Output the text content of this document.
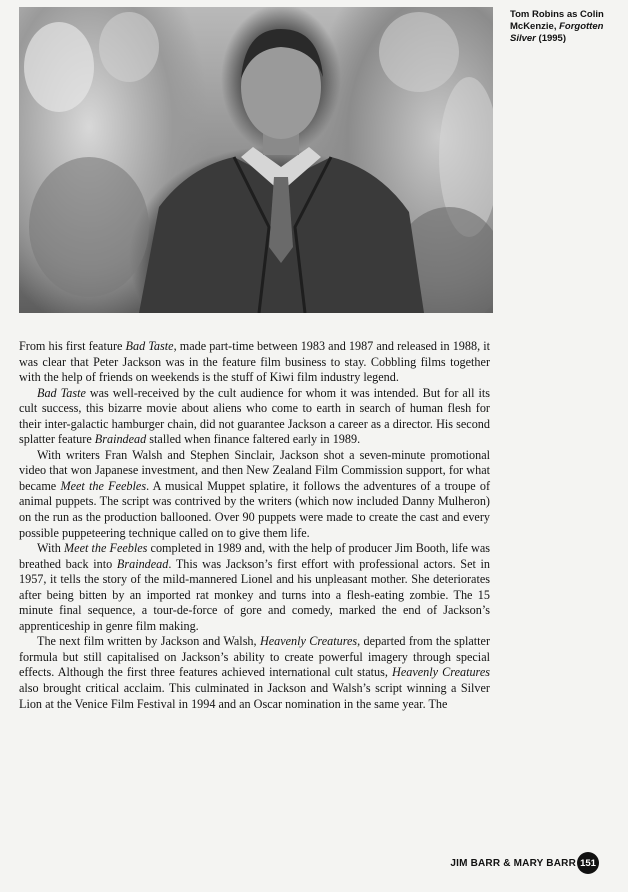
Tom Robins as Colin McKenzie, Forgotten Silver (1995)

From his first feature Bad Taste, made part-time between 1983 and 1987 and released in 1988, it was clear that Peter Jackson was in the feature film business to stay. Cobbling films together with the help of friends on weekends is the stuff of Kiwi film industry legend.

Bad Taste was well-received by the cult audience for whom it was intended. But for all its cult success, this bizarre movie about aliens who come to earth in search of human flesh for their inter-galactic hamburger chain, did not guarantee Jackson a career as a director. His second splatter feature Braindead stalled when finance faltered early in 1989.

With writers Fran Walsh and Stephen Sinclair, Jackson shot a seven-minute promotional video that won Japanese investment, and then New Zealand Film Commission support, for what became Meet the Feebles. A musical Muppet splatire, it follows the adventures of a troupe of animal puppets. The script was contrived by the writers (which now included Danny Mulheron) on the run as the production ballooned. Over 90 puppets were made to create the cast and every possible puppeteering technique called on to give them life.

With Meet the Feebles completed in 1989 and, with the help of producer Jim Booth, life was breathed back into Braindead. This was Jackson’s first effort with professional actors. Set in 1957, it tells the story of the mild-mannered Lionel and his unpleasant mother. She deteriorates after being bitten by an imported rat monkey and turns into a flesh-eating zombie. The 15 minute final sequence, a tour-de-force of gore and comedy, marked the end of Jackson’s apprenticeship in genre film making.

The next film written by Jackson and Walsh, Heavenly Creatures, departed from the splatter formula but still capitalised on Jackson’s ability to create powerful imagery through special effects. Although the first three features achieved international cult status, Heavenly Creatures also brought critical acclaim. This culminated in Jackson and Walsh’s script winning a Silver Lion at the Venice Film Festival in 1994 and an Oscar nomination in the same year. The

JIM BARR & MARY BARR 151
